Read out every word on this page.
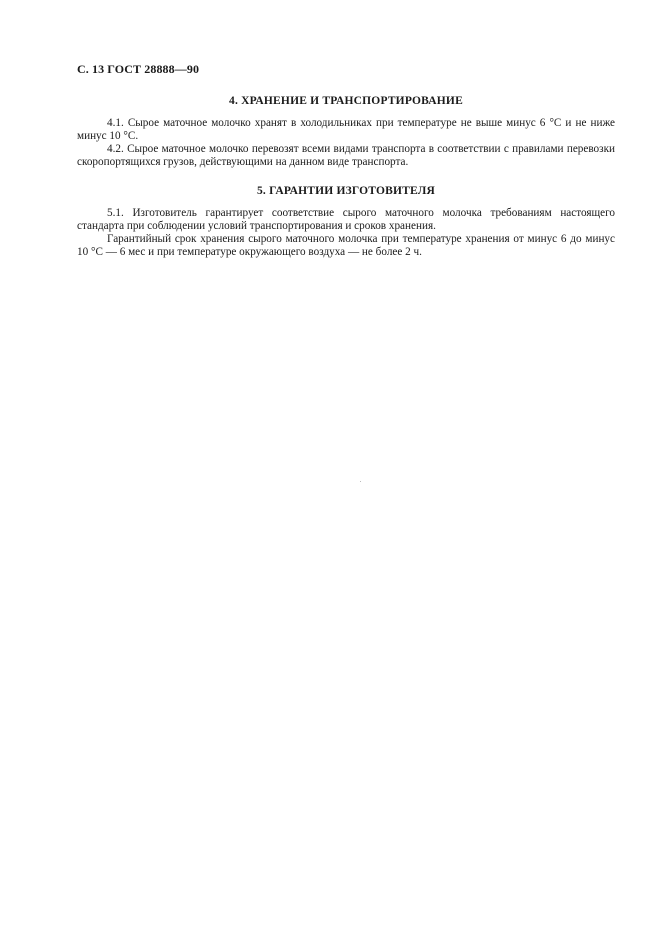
С. 13 ГОСТ 28888—90
4. ХРАНЕНИЕ И ТРАНСПОРТИРОВАНИЕ

4.1. Сырое маточное молочко хранят в холодильниках при температуре не выше минус 6 °С и не ниже минус 10 °С.

4.2. Сырое маточное молочко перевозят всеми видами транспорта в соответствии с правилами перевозки скоропортящихся грузов, действующими на данном виде транспорта.

5. ГАРАНТИИ ИЗГОТОВИТЕЛЯ

5.1. Изготовитель гарантирует соответствие сырого маточного молочка требованиям настоящего стандарта при соблюдении условий транспортирования и сроков хранения.

Гарантийный срок хранения сырого маточного молочка при температуре хранения от минус 6 до минус 10 °С — 6 мес и при температуре окружающего воздуха — не более 2 ч.
